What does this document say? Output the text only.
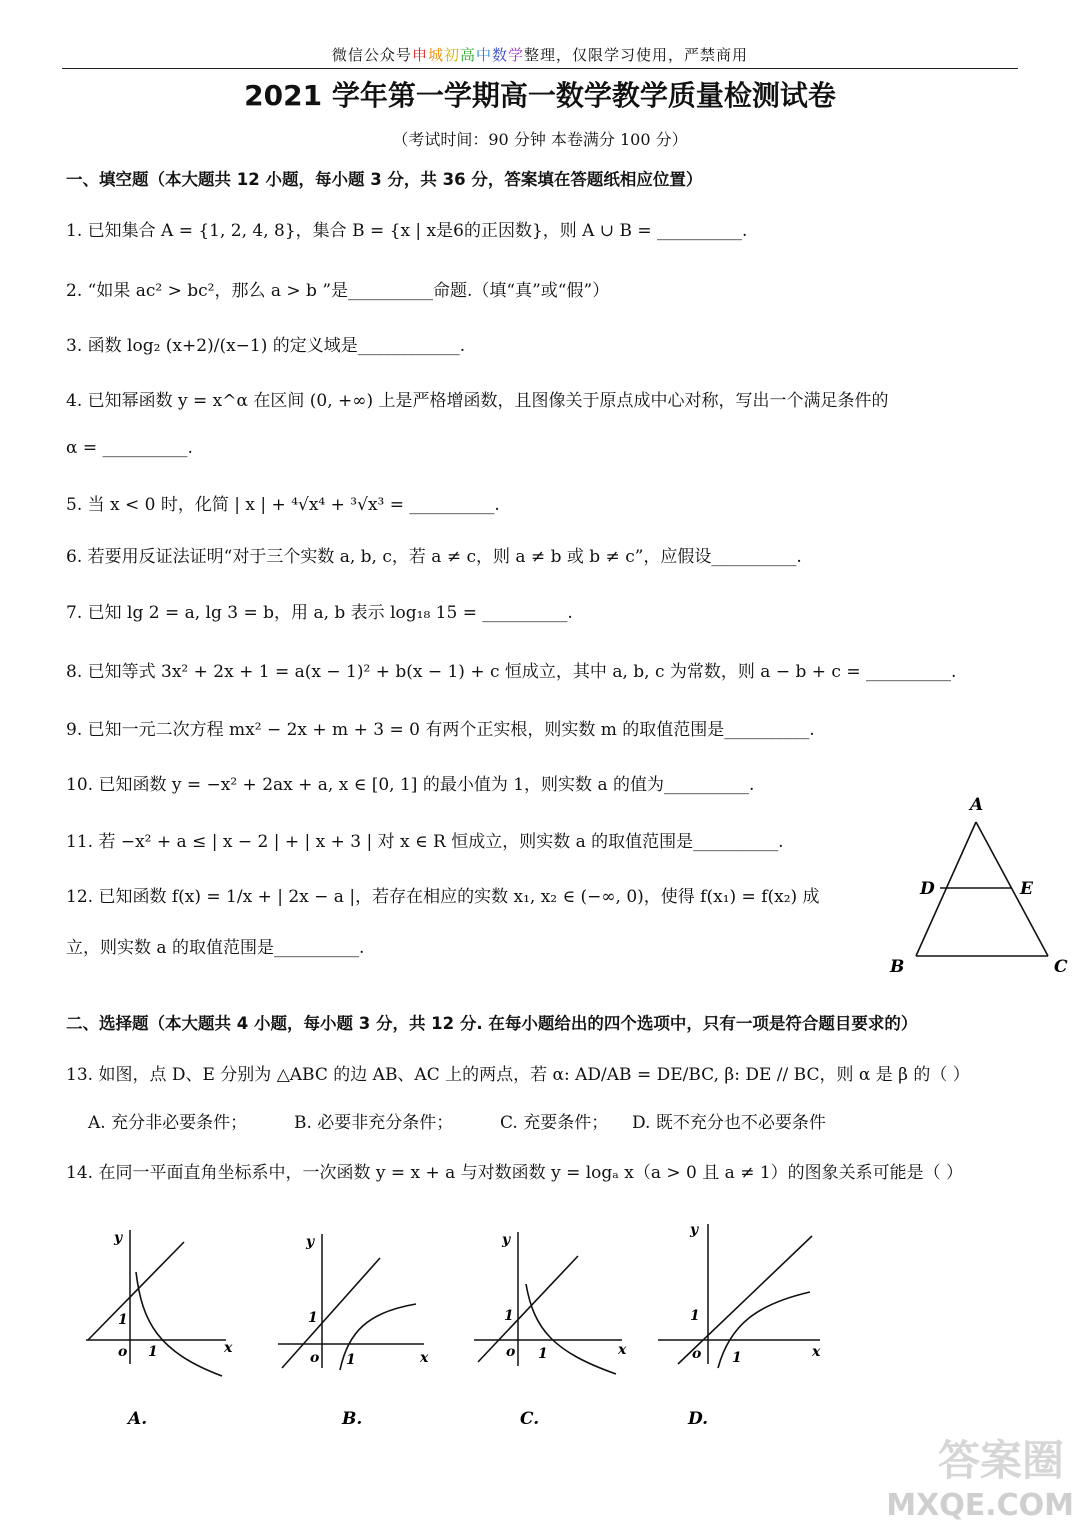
微信公众号申城初高中数学整理，仅限学习使用，严禁商用
2021 学年第一学期高一数学教学质量检测试卷
（考试时间：90 分钟 本卷满分 100 分）
一、填空题（本大题共 12 小题，每小题 3 分，共 36 分，答案填在答题纸相应位置）
1. 已知集合 A = {1, 2, 4, 8}，集合 B = {x | x是6的正因数}，则 A ∪ B = __________.
2. “如果 ac² > bc²，那么 a > b ”是__________命题.（填“真”或“假”）
3. 函数 log₂ (x+2)/(x−1) 的定义域是____________.
4. 已知幂函数 y = x^α 在区间 (0, +∞) 上是严格增函数，且图像关于原点成中心对称，写出一个满足条件的
α = __________.
5. 当 x < 0 时，化简 | x | + ⁴√x⁴ + ³√x³ = __________.
6. 若要用反证法证明“对于三个实数 a, b, c，若 a ≠ c，则 a ≠ b 或 b ≠ c”，应假设__________.
7. 已知 lg 2 = a, lg 3 = b，用 a, b 表示 log₁₈ 15 = __________.
8. 已知等式 3x² + 2x + 1 = a(x − 1)² + b(x − 1) + c 恒成立，其中 a, b, c 为常数，则 a − b + c = __________.
9. 已知一元二次方程 mx² − 2x + m + 3 = 0 有两个正实根，则实数 m 的取值范围是__________.
10. 已知函数 y = −x² + 2ax + a, x ∈ [0, 1] 的最小值为 1，则实数 a 的值为__________.
11. 若 −x² + a ≤ | x − 2 | + | x + 3 | 对 x ∈ R 恒成立，则实数 a 的取值范围是__________.
12. 已知函数 f(x) = 1/x + | 2x − a |，若存在相应的实数 x₁, x₂ ∈ (−∞, 0)，使得 f(x₁) = f(x₂) 成
立，则实数 a 的取值范围是__________.
A
D	E
B	C
二、选择题（本大题共 4 小题，每小题 3 分，共 12 分. 在每小题给出的四个选项中，只有一项是符合题目要求的）
13. 如图，点 D、E 分别为 △ABC 的边 AB、AC 上的两点，若 α: AD/AB = DE/BC, β: DE // BC，则 α 是 β 的（ ）
A. 充分非必要条件；	B. 必要非充分条件；	C. 充要条件；	D. 既不充分也不必要条件
14. 在同一平面直角坐标系中，一次函数 y = x + a 与对数函数 y = logₐ x（a > 0 且 a ≠ 1）的图象关系可能是（ ）
y
x
o
1
1
A.
y
x
o
1
1
B.
y
x
o
1
1
C.
y
x
o
1
1
D.
答案圈
MXQE.COM
